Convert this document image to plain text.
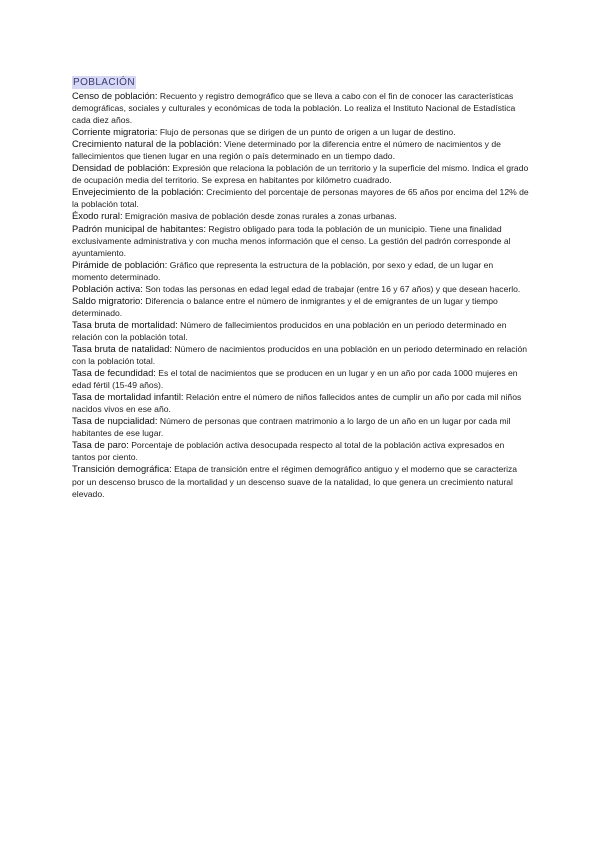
POBLACIÓN

Censo de población: Recuento y registro demográfico que se lleva a cabo con el fin de conocer las características demográficas, sociales y culturales y económicas de toda la población. Lo realiza el Instituto Nacional de Estadística cada diez años.

Corriente migratoria: Flujo de personas que se dirigen de un punto de origen a un lugar de destino.

Crecimiento natural de la población: Viene determinado por la diferencia entre el número de nacimientos y de fallecimientos que tienen lugar en una región o país determinado en un tiempo dado.

Densidad de población: Expresión que relaciona la población de un territorio y la superficie del mismo. Indica el grado de ocupación media del territorio. Se expresa en habitantes por kilómetro cuadrado.

Envejecimiento de la población: Crecimiento del porcentaje de personas mayores de 65 años por encima del 12% de la población total.

Éxodo rural: Emigración masiva de población desde zonas rurales a zonas urbanas.

Padrón municipal de habitantes: Registro obligado para toda la población de un municipio. Tiene una finalidad exclusivamente administrativa y con mucha menos información que el censo. La gestión del padrón corresponde al ayuntamiento.

Pirámide de población: Gráfico que representa la estructura de la población, por sexo y edad, de un lugar en momento determinado.

Población activa: Son todas las personas en edad legal edad de trabajar (entre 16 y 67 años) y que desean hacerlo.

Saldo migratorio: Diferencia o balance entre el número de inmigrantes y el de emigrantes de un lugar y tiempo determinado.

Tasa bruta de mortalidad: Número de fallecimientos producidos en una población en un periodo determinado en relación con la población total.

Tasa bruta de natalidad: Número de nacimientos producidos en una población en un periodo determinado en relación con la población total.

Tasa de fecundidad: Es el total de nacimientos que se producen en un lugar y en un año por cada 1000 mujeres en edad fértil (15-49 años).

Tasa de mortalidad infantil: Relación entre el número de niños fallecidos antes de cumplir un año por cada mil niños nacidos vivos en ese año.

Tasa de nupcialidad: Número de personas que contraen matrimonio a lo largo de un año en un lugar por cada mil habitantes de ese lugar.

Tasa de paro: Porcentaje de población activa desocupada respecto al total de la población activa expresados en tantos por ciento.

Transición demográfica: Etapa de transición entre el régimen demográfico antiguo y el moderno que se caracteriza por un descenso brusco de la mortalidad y un descenso suave de la natalidad, lo que genera un crecimiento natural elevado.
